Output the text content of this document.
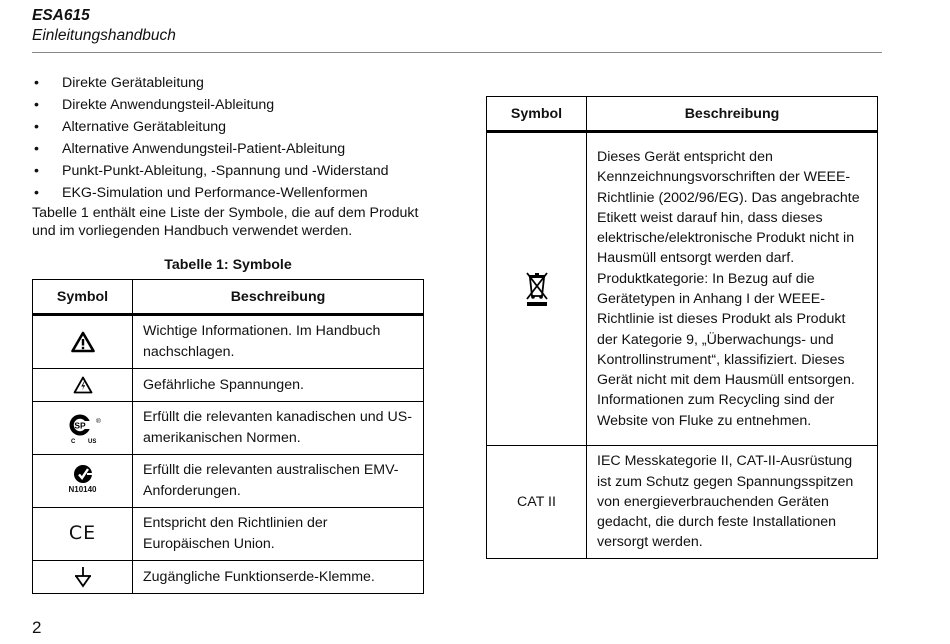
ESA615
Einleitungshandbuch
• Direkte Gerätableitung
• Direkte Anwendungsteil-Ableitung
• Alternative Gerätableitung
• Alternative Anwendungsteil-Patient-Ableitung
• Punkt-Punkt-Ableitung, -Spannung und -Widerstand
• EKG-Simulation und Performance-Wellenformen
Tabelle 1 enthält eine Liste der Symbole, die auf dem Produkt und im vorliegenden Handbuch verwendet werden.
Tabelle 1: Symbole
Symbol	Beschreibung
	Wichtige Informationen. Im Handbuch nachschlagen.
	Gefährliche Spannungen.

SP ®
C US	Erfüllt die relevanten kanadischen und US-amerikanischen Normen.

N10140	Erfüllt die relevanten australischen EMV-Anforderungen.
CE	Entspricht den Richtlinien der Europäischen Union.
	Zugängliche Funktionserde-Klemme.
Symbol	Beschreibung
	Dieses Gerät entspricht den Kennzeichnungsvorschriften der WEEE-Richtlinie (2002/96/EG). Das angebrachte Etikett weist darauf hin, dass dieses elektrische/elektronische Produkt nicht in Hausmüll entsorgt werden darf. Produktkategorie: In Bezug auf die Gerätetypen in Anhang I der WEEE-Richtlinie ist dieses Produkt als Produkt der Kategorie 9, „Überwachungs- und Kontrollinstrument“, klassifiziert. Dieses Gerät nicht mit dem Hausmüll entsorgen. Informationen zum Recycling sind der Website von Fluke zu entnehmen.
CAT II	IEC Messkategorie II, CAT-II-Ausrüstung ist zum Schutz gegen Spannungsspitzen von energieverbrauchenden Geräten gedacht, die durch feste Installationen versorgt werden.
2
